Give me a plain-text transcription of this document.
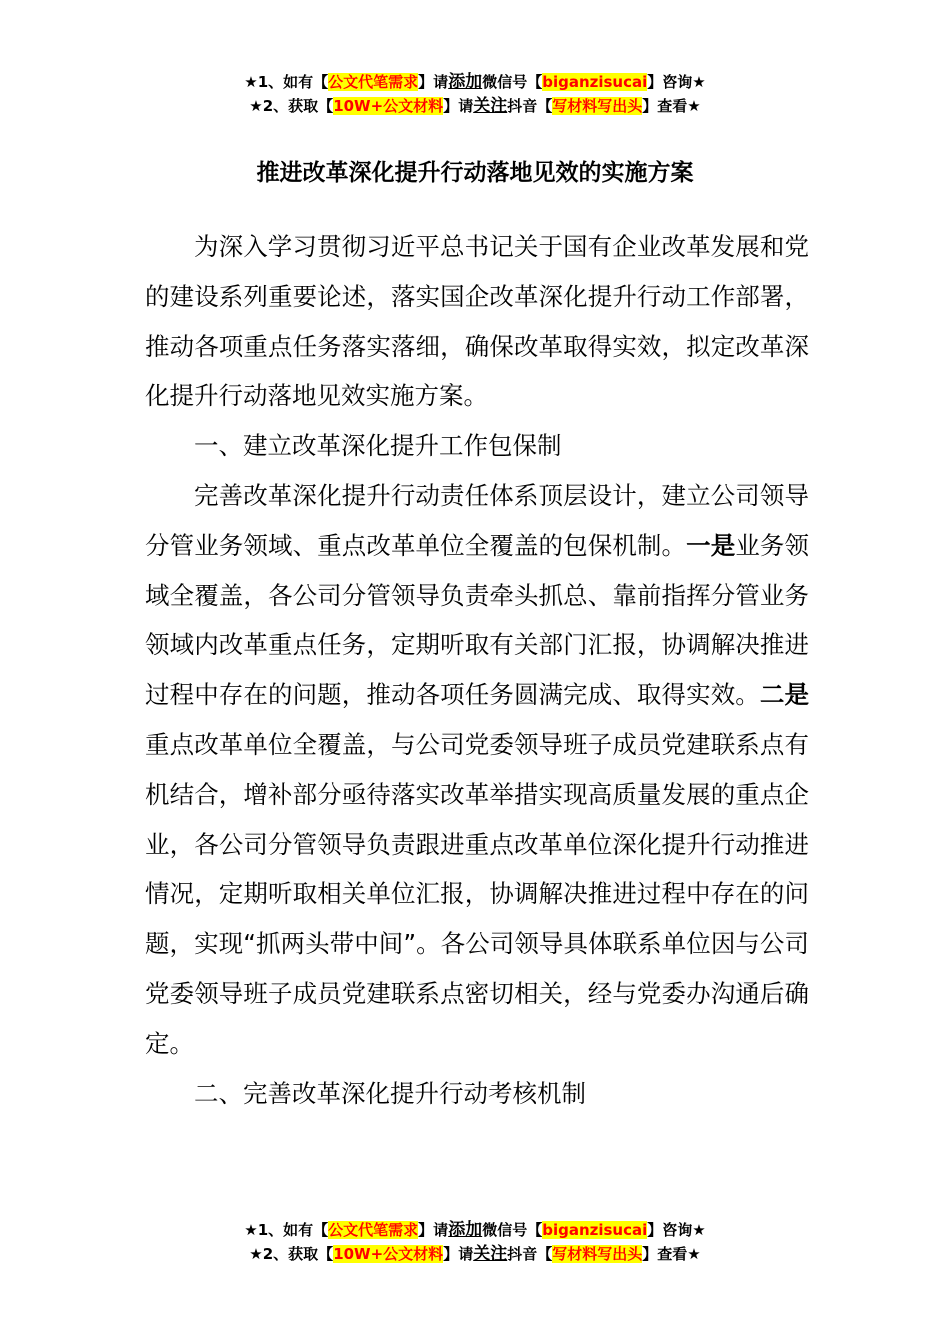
★1、如有【公文代笔需求】请添加微信号【biganzisucai】咨询★
★2、获取【10W+公文材料】请关注抖音【写材料写出头】查看★
推进改革深化提升行动落地见效的实施方案

为深入学习贯彻习近平总书记关于国有企业改革发展和党的建设系列重要论述，落实国企改革深化提升行动工作部署，推动各项重点任务落实落细，确保改革取得实效，拟定改革深化提升行动落地见效实施方案。

一、建立改革深化提升工作包保制

完善改革深化提升行动责任体系顶层设计，建立公司领导分管业务领域、重点改革单位全覆盖的包保机制。一是业务领域全覆盖，各公司分管领导负责牵头抓总、靠前指挥分管业务领域内改革重点任务，定期听取有关部门汇报，协调解决推进过程中存在的问题，推动各项任务圆满完成、取得实效。二是重点改革单位全覆盖，与公司党委领导班子成员党建联系点有机结合，增补部分亟待落实改革举措实现高质量发展的重点企业，各公司分管领导负责跟进重点改革单位深化提升行动推进情况，定期听取相关单位汇报，协调解决推进过程中存在的问题，实现“抓两头带中间”。各公司领导具体联系单位因与公司党委领导班子成员党建联系点密切相关，经与党委办沟通后确定。

二、完善改革深化提升行动考核机制

★1、如有【公文代笔需求】请添加微信号【biganzisucai】咨询★
★2、获取【10W+公文材料】请关注抖音【写材料写出头】查看★
